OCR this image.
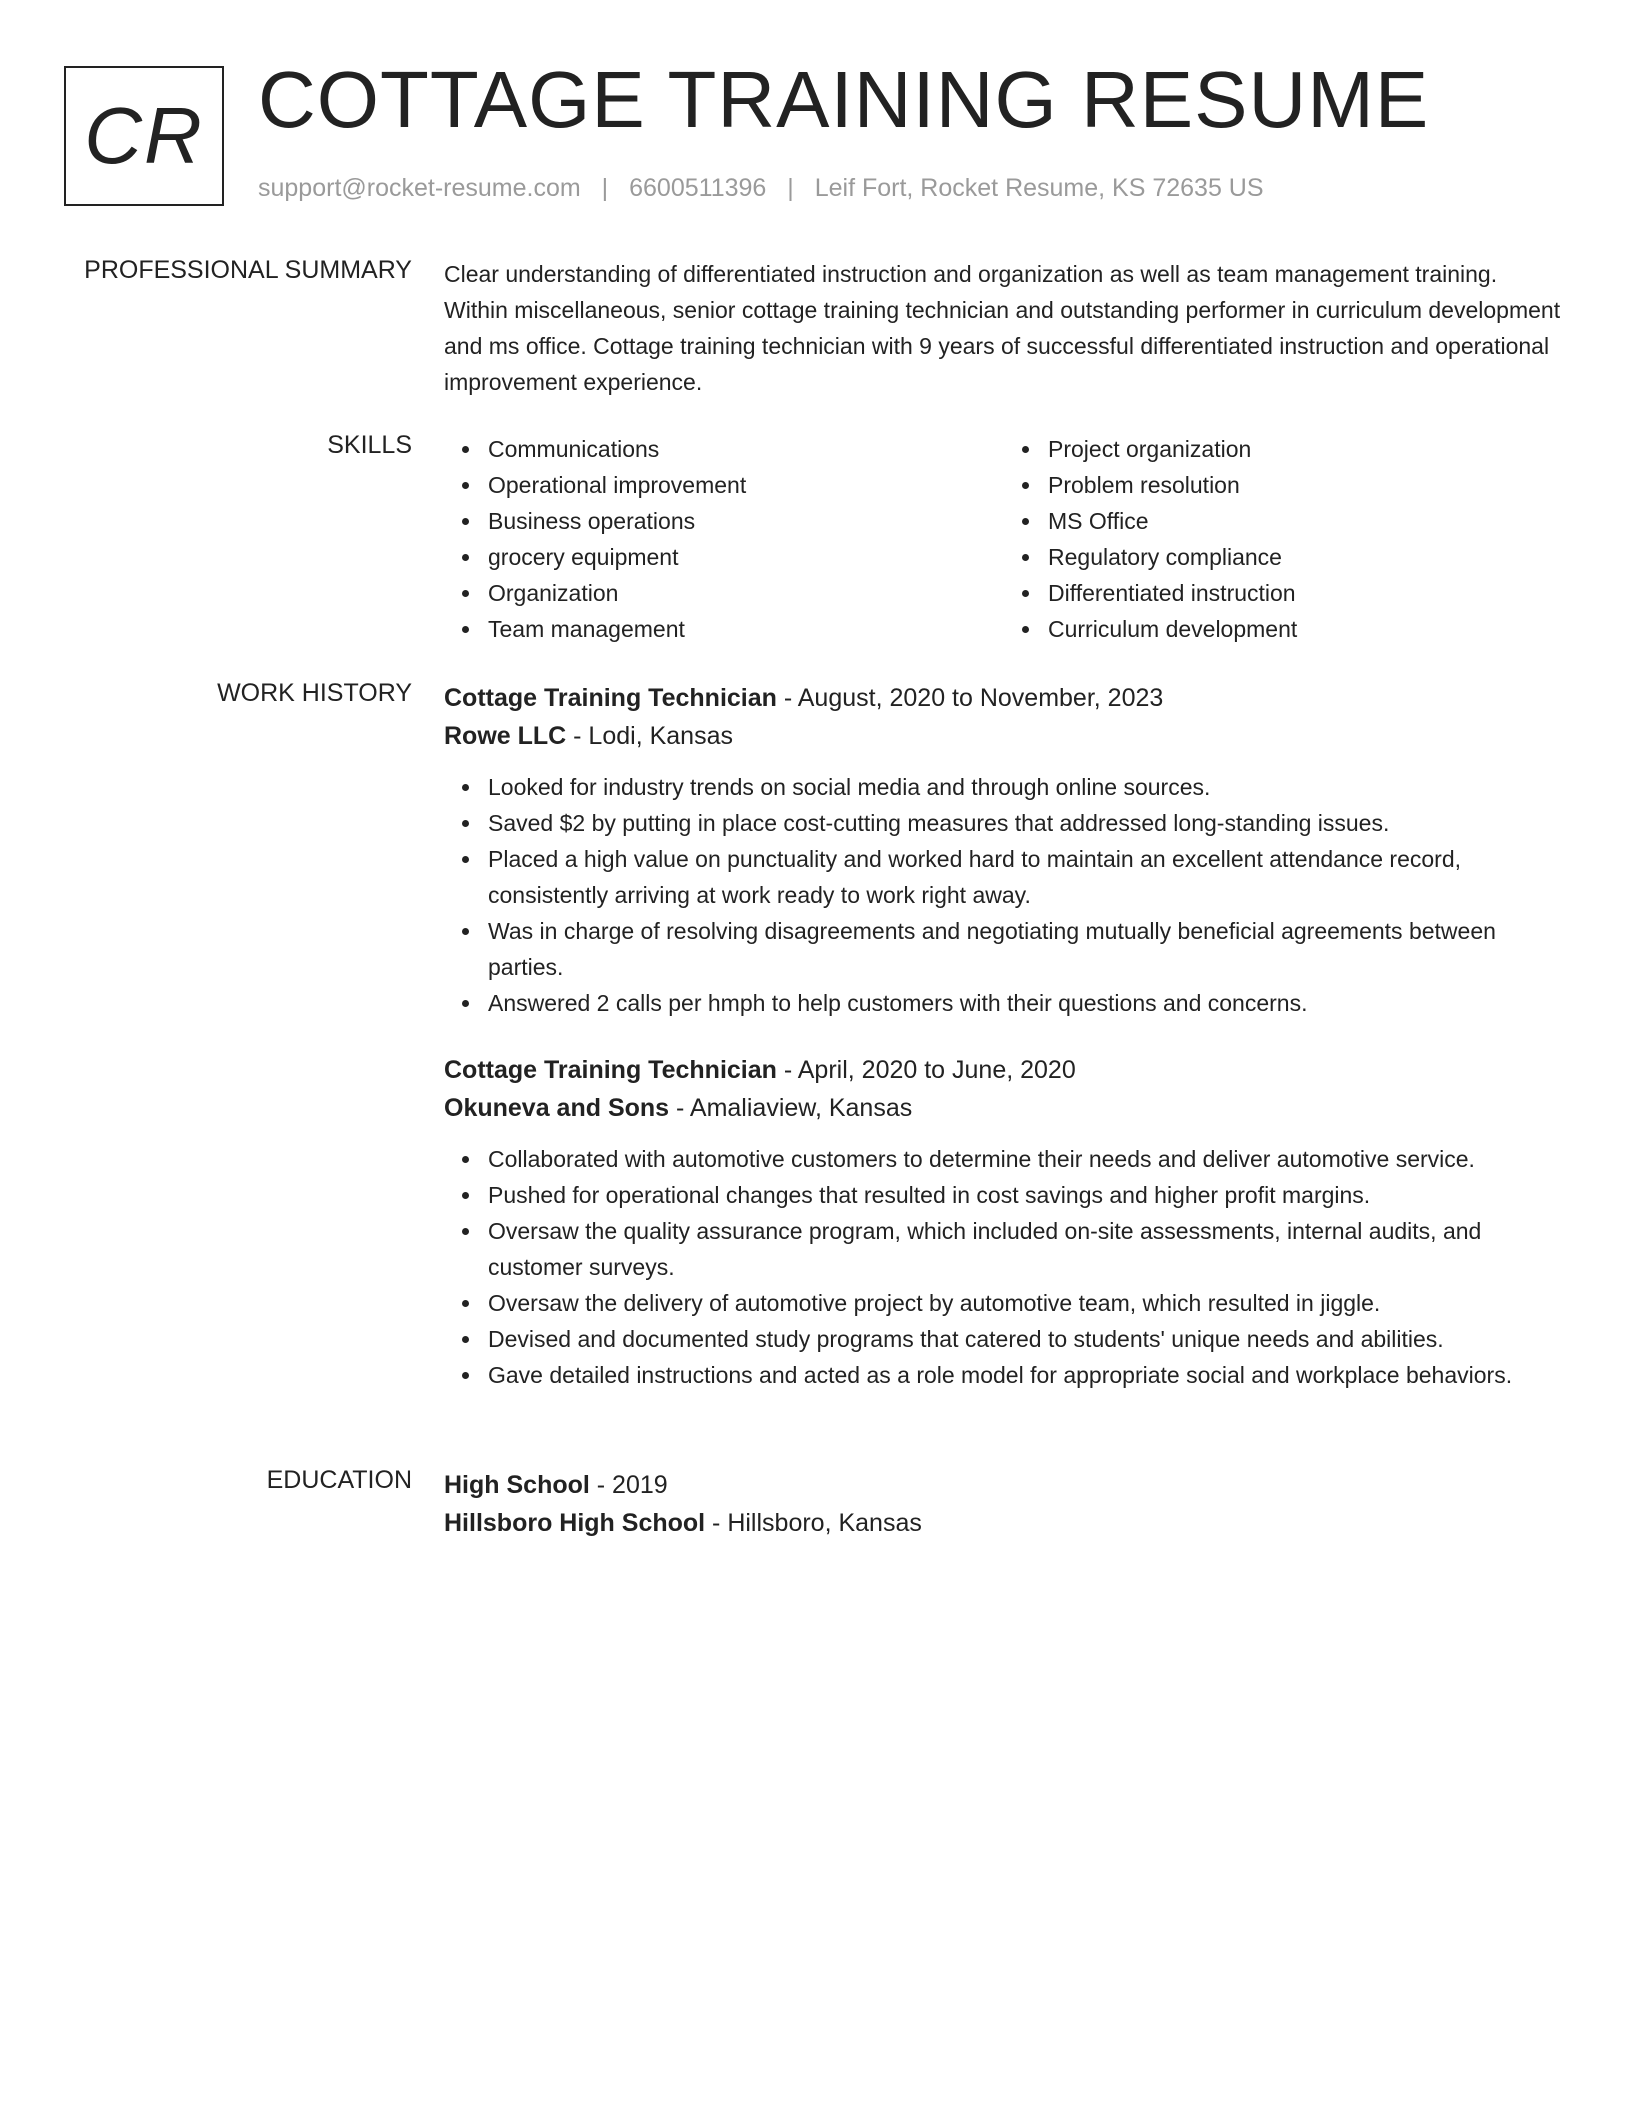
CR COTTAGE TRAINING RESUME
support@rocket-resume.com | 6600511396 | Leif Fort, Rocket Resume, KS 72635 US
PROFESSIONAL SUMMARY Clear understanding of differentiated instruction and organization as well as team management training. Within miscellaneous, senior cottage training technician and outstanding performer in curriculum development and ms office. Cottage training technician with 9 years of successful differentiated instruction and operational improvement experience.

SKILLS	Communications
Operational improvement
Business operations
grocery equipment
Organization
Team management
Project organization
Problem resolution
MS Office
Regulatory compliance
Differentiated instruction
Curriculum development
WORK HISTORY Cottage Training Technician - August, 2020 to November, 2023

Rowe LLC - Lodi, Kansas

Looked for industry trends on social media and through online sources.
Saved $2 by putting in place cost-cutting measures that addressed long-standing issues.
Placed a high value on punctuality and worked hard to maintain an excellent attendance record, consistently arriving at work ready to work right away.
Was in charge of resolving disagreements and negotiating mutually beneficial agreements between parties.
Answered 2 calls per hmph to help customers with their questions and concerns.

Cottage Training Technician - April, 2020 to June, 2020

Okuneva and Sons - Amaliaview, Kansas

Collaborated with automotive customers to determine their needs and deliver automotive service.
Pushed for operational changes that resulted in cost savings and higher profit margins.
Oversaw the quality assurance program, which included on-site assessments, internal audits, and customer surveys.
Oversaw the delivery of automotive project by automotive team, which resulted in jiggle.
Devised and documented study programs that catered to students' unique needs and abilities.
Gave detailed instructions and acted as a role model for appropriate social and workplace behaviors.
EDUCATION High School - 2019

Hillsboro High School - Hillsboro, Kansas
